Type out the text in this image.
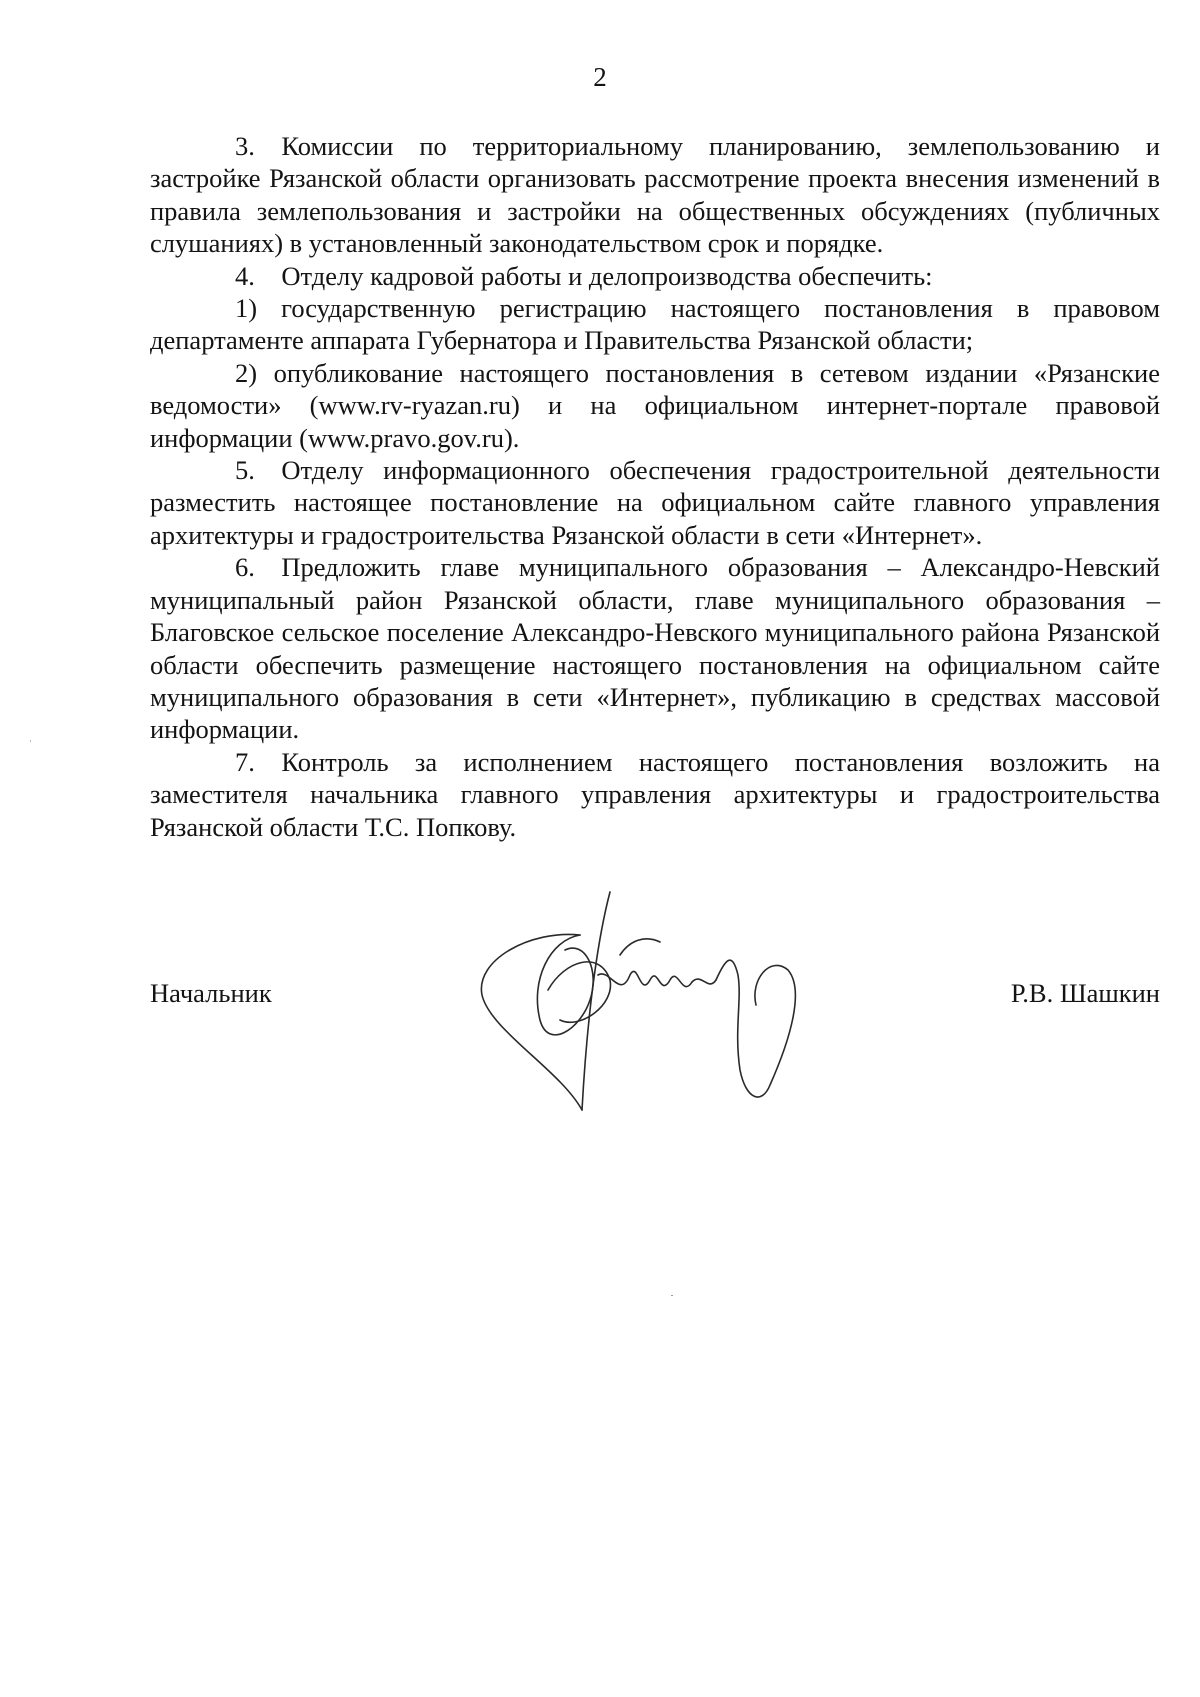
2

3. Комиссии по территориальному планированию, землепользованию и застройке Рязанской области организовать рассмотрение проекта внесения изменений в правила землепользования и застройки на общественных обсуждениях (публичных слушаниях) в установленный законодательством срок и порядке.

4. Отделу кадровой работы и делопроизводства обеспечить:

1) государственную регистрацию настоящего постановления в правовом департаменте аппарата Губернатора и Правительства Рязанской области;

2) опубликование настоящего постановления в сетевом издании «Рязанские ведомости» (www.rv-ryazan.ru) и на официальном интернет-портале правовой информации (www.pravo.gov.ru).

5. Отделу информационного обеспечения градостроительной деятельности разместить настоящее постановление на официальном сайте главного управления архитектуры и градостроительства Рязанской области в сети «Интернет».

6. Предложить главе муниципального образования – Александро-Невский муниципальный район Рязанской области, главе муниципального образования – Благовское сельское поселение Александро-Невского муниципального района Рязанской области обеспечить размещение настоящего постановления на официальном сайте муниципального образования в сети «Интернет», публикацию в средствах массовой информации.

7. Контроль за исполнением настоящего постановления возложить на заместителя начальника главного управления архитектуры и градостроительства Рязанской области Т.С. Попкову.

Начальник	Р.В. Шашкин
